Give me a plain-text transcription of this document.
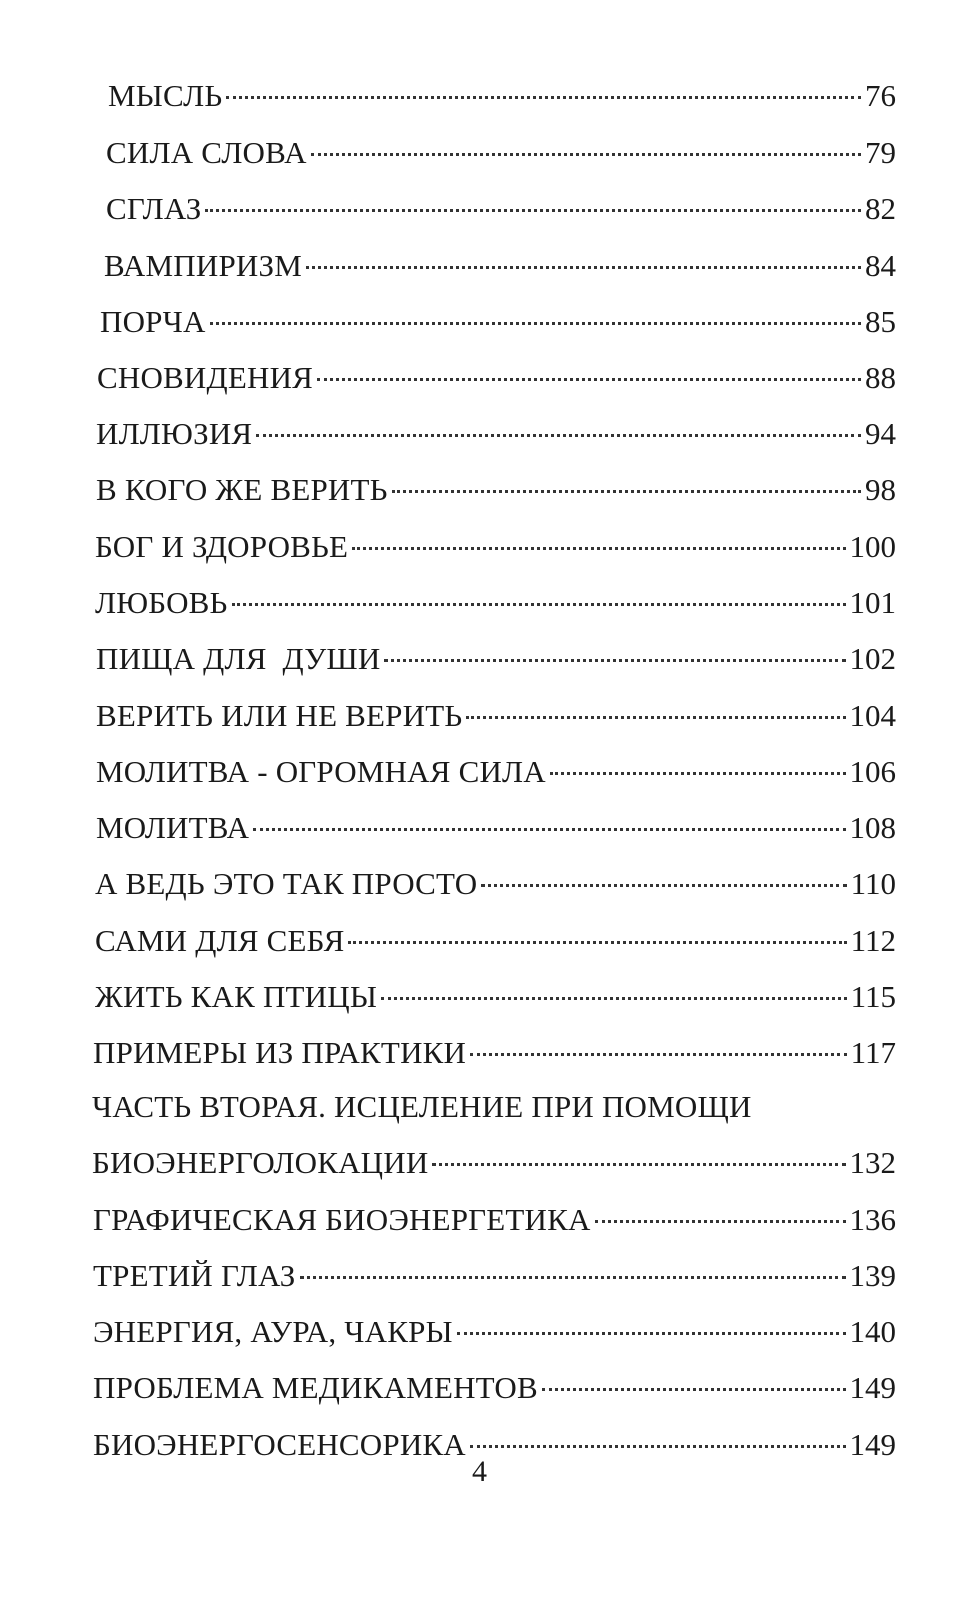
МЫСЛЬ	76
СИЛА СЛОВА	79
СГЛАЗ	82
ВАМПИРИЗМ	84
ПОРЧА	85
СНОВИДЕНИЯ	88
ИЛЛЮЗИЯ	94
В КОГО ЖЕ ВЕРИТЬ	98
БОГ И ЗДОРОВЬЕ	100
ЛЮБОВЬ	101
ПИЩА ДЛЯ  ДУШИ	102
ВЕРИТЬ ИЛИ НЕ ВЕРИТЬ	104
МОЛИТВА - ОГРОМНАЯ СИЛА	106
МОЛИТВА	108
А ВЕДЬ ЭТО ТАК ПРОСТО	110
САМИ ДЛЯ СЕБЯ	112
ЖИТЬ КАК ПТИЦЫ	115
ПРИМЕРЫ ИЗ ПРАКТИКИ	117
ЧАСТЬ ВТОРАЯ. ИСЦЕЛЕНИЕ ПРИ ПОМОЩИ
БИОЭНЕРГОЛОКАЦИИ	132
ГРАФИЧЕСКАЯ БИОЭНЕРГЕТИКА	136
ТРЕТИЙ ГЛАЗ	139
ЭНЕРГИЯ, АУРА, ЧАКРЫ	140
ПРОБЛЕМА МЕДИКАМЕНТОВ	149
БИОЭНЕРГОСЕНСОРИКА	149
4
